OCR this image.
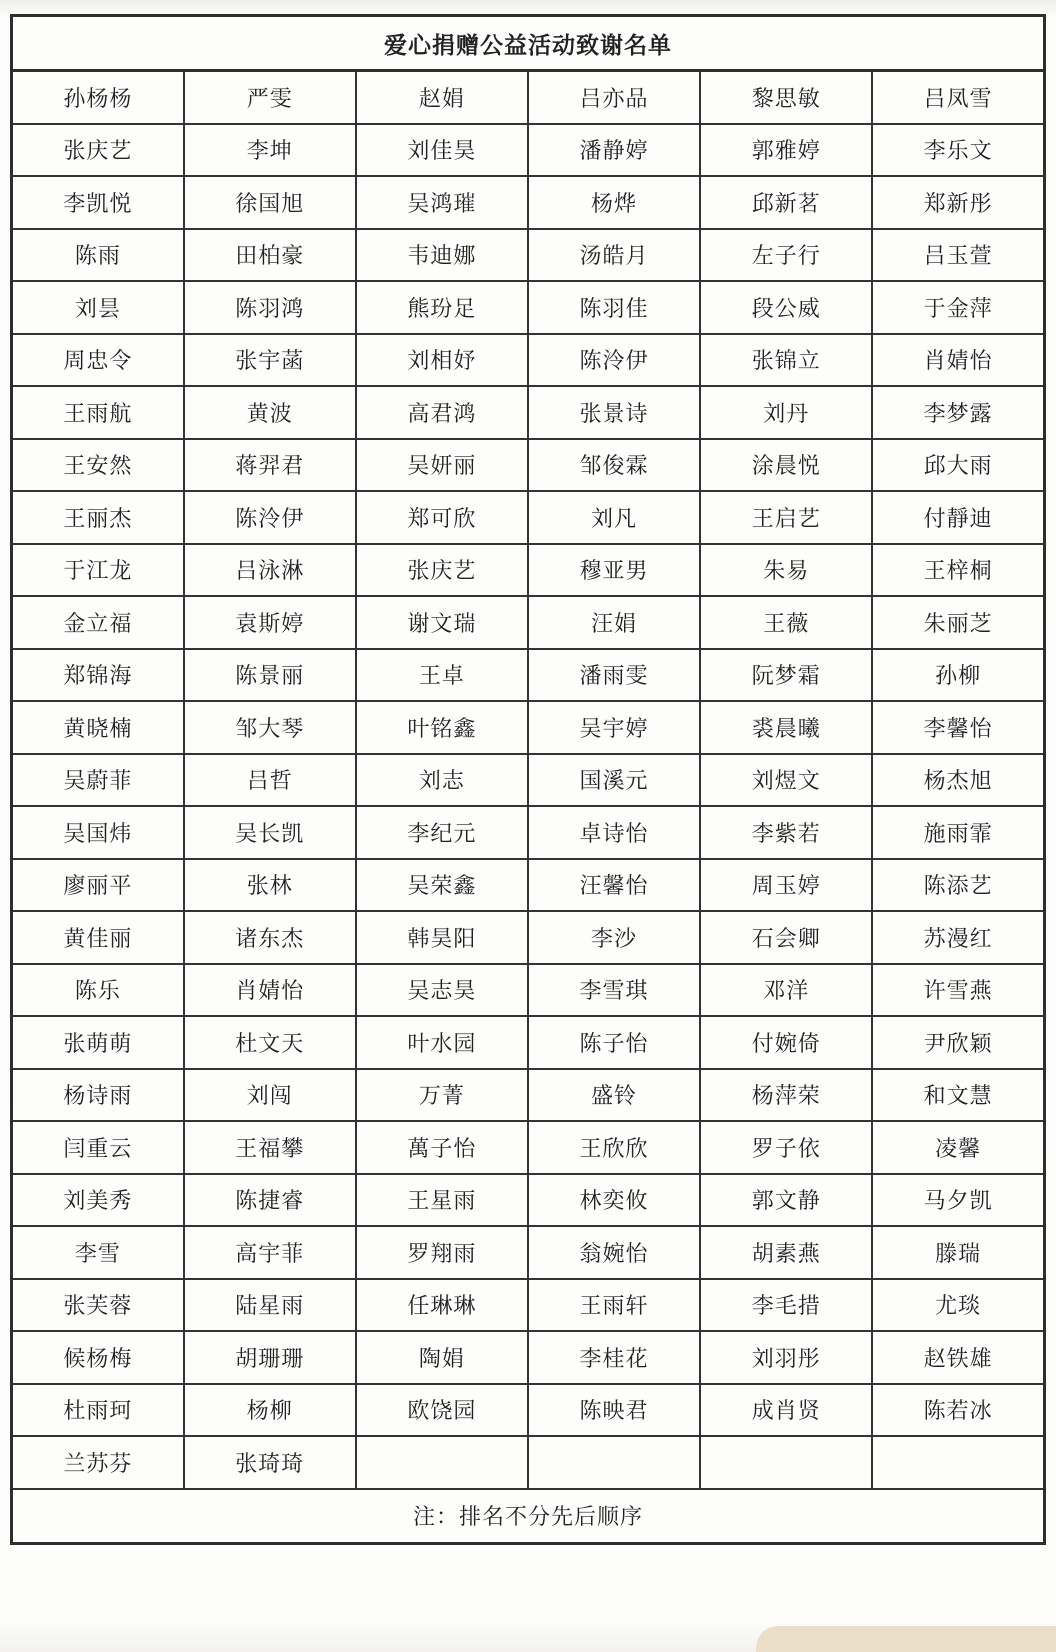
爱心捐赠公益活动致谢名单					
孙杨杨	严雯	赵娟	吕亦品	黎思敏	吕凤雪
张庆艺	李坤	刘佳昊	潘静婷	郭雅婷	李乐文
李凯悦	徐国旭	吴鸿璀	杨烨	邱新茗	郑新彤
陈雨	田柏豪	韦迪娜	汤皓月	左子行	吕玉萱
刘昙	陈羽鸿	熊玢足	陈羽佳	段公威	于金萍
周忠令	张宇菡	刘相妤	陈泠伊	张锦立	肖婧怡
王雨航	黄波	高君鸿	张景诗	刘丹	李梦露
王安然	蒋羿君	吴妍丽	邹俊霖	涂晨悦	邱大雨
王丽杰	陈泠伊	郑可欣	刘凡	王启艺	付靜迪
于江龙	吕泳淋	张庆艺	穆亚男	朱易	王梓桐
金立福	袁斯婷	谢文瑞	汪娟	王薇	朱丽芝
郑锦海	陈景丽	王卓	潘雨雯	阮梦霜	孙柳
黄晓楠	邹大琴	叶铭鑫	吴宇婷	裘晨曦	李馨怡
吴蔚菲	吕哲	刘志	国溪元	刘煜文	杨杰旭
吴国炜	吴长凯	李纪元	卓诗怡	李紫若	施雨霏
廖丽平	张林	吴荣鑫	汪馨怡	周玉婷	陈添艺
黄佳丽	诸东杰	韩昊阳	李沙	石会卿	苏漫红
陈乐	肖婧怡	吴志昊	李雪琪	邓洋	许雪燕
张萌萌	杜文天	叶水园	陈子怡	付婉倚	尹欣颖
杨诗雨	刘闯	万菁	盛铃	杨萍荣	和文慧
闫重云	王福攀	萬子怡	王欣欣	罗子依	凌馨
刘美秀	陈捷睿	王星雨	林奕攸	郭文静	马夕凯
李雪	高宇菲	罗翔雨	翁婉怡	胡素燕	滕瑞
张芙蓉	陆星雨	任琳琳	王雨轩	李毛措	尤琰
候杨梅	胡珊珊	陶娟	李桂花	刘羽彤	赵铁雄
杜雨珂	杨柳	欧饶园	陈映君	成肖贤	陈若冰
兰苏芬	张琦琦				
注：排名不分先后顺序					
